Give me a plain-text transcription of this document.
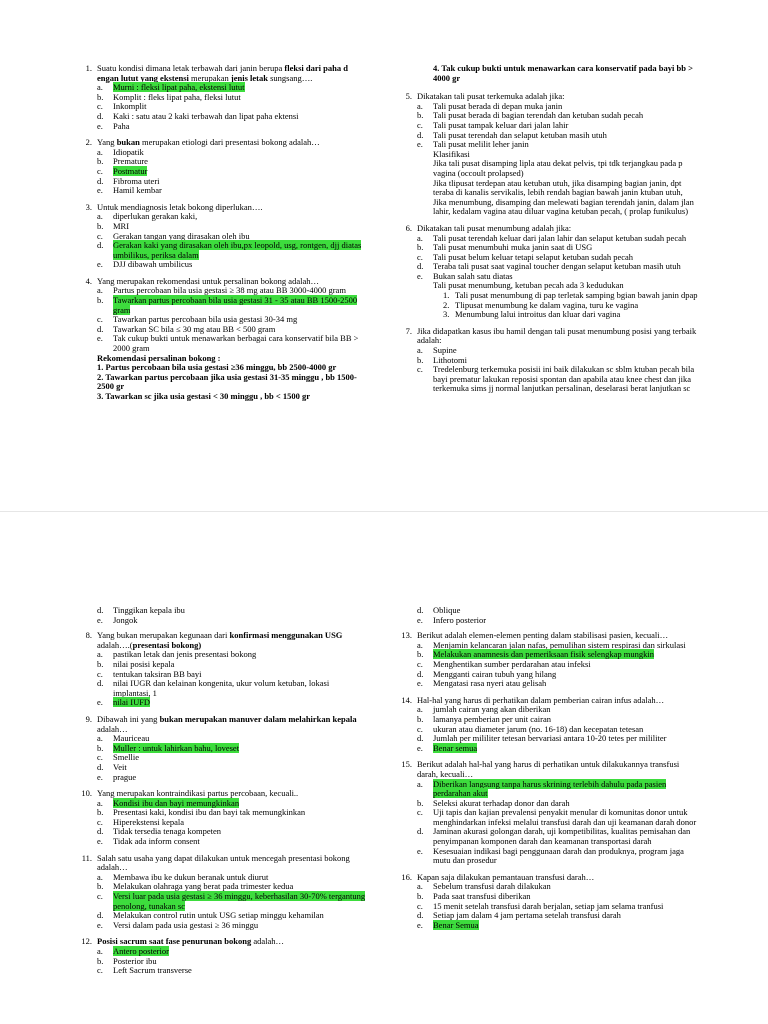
1. Suatu kondisi dimana letak terbawah dari janin berupa fleksi dari paha d engan lutut yang ekstensi merupakan jenis letak sungsang….
a.	Murni : fleksi lipat paha, ekstensi lutut
b.	Komplit : fleks lipat paha, fleksi lutut
c.	Inkomplit
d.	Kaki : satu atau 2 kaki terbawah dan lipat paha ektensi
e.	Paha
2. Yang bukan merupakan etiologi dari presentasi bokong adalah…
a.	Idiopatik
b.	Premature
c.	Postmatur
d.	Fibroma uteri
e.	Hamil kembar
3. Untuk mendiagnosis letak bokong diperlukan….
a.	diperlukan gerakan kaki,
b.	MRI
c.	Gerakan tangan yang dirasakan oleh ibu
d.	Gerakan kaki yang dirasakan oleh ibu,px leopold, usg, rontgen, djj diatas umbilikus, periksa dalam
e.	DJJ dibawah umbilicus
4. Yang merupakan rekomendasi untuk persalinan bokong adalah…
a.	Partus percobaan bila usia gestasi ≥ 38 mg atau BB 3000-4000 gram
b.	Tawarkan partus percobaan bila usia gestasi 31 - 35 atau BB 1500-2500 gram
c.	Tawarkan partus percobaan bila usia gestasi 30-34 mg
d.	Tawarkan SC bila ≤ 30 mg atau BB < 500 gram
e.	Tak cukup bukti untuk menawarkan berbagai cara konservatif bila BB > 2000 gram
Rekomendasi persalinan bokong :
1. Partus percobaan bila usia gestasi ≥36 minggu, bb 2500-4000 gr
2. Tawarkan partus percobaan jika usia gestasi 31-35 minggu , bb 1500-2500 gr
3. Tawarkan sc jika usia gestasi < 30 minggu , bb < 1500 gr
4. Tak cukup bukti untuk menawarkan cara konservatif pada bayi bb > 4000 gr
5. Dikatakan tali pusat terkemuka adalah jika:
a.	Tali pusat berada di depan muka janin
b.	Tali pusat berada di bagian terendah dan ketuban sudah pecah
c.	Tali pusat tampak keluar dari jalan lahir
d.	Tali pusat terendah dan selaput ketuban masih utuh
e.	Tali pusat melilit leher janin
Klasifikasi
Jika tali pusat disamping lipla atau dekat pelvis, tpi tdk terjangkau pada p vagina (occoult prolapsed)
Jika tlipusat terdepan atau ketuban utuh, jika disamping bagian janin, dpt teraba di kanalis servikalis, lebih rendah bagian bawah janin ktuban utuh,
Jika menumbung, disamping dan melewati bagian terendah janin, dalam jlan lahir, kedalam vagina atau diluar vagina ketuban pecah, ( prolap funikulus)
6. Dikatakan tali pusat menumbung adalah jika:
a.	Tali pusat terendah keluar dari jalan lahir dan selaput ketuban sudah pecah
b.	Tali pusat menumbuhi muka janin saat di USG
c.	Tali pusat belum keluar tetapi selaput ketuban sudah pecah
d.	Teraba tali pusat saat vaginal toucher dengan selaput ketuban masih utuh
e.	Bukan salah satu diatas
Tali pusat menumbung, ketuban pecah ada 3 kedudukan
1. Tali pusat menumbung di pap terletak samping bgian bawah janin dpap
2. Tlipusat menumbung ke dalam vagina, turu ke vagina
3. Menumbung lalui introitus dan kluar dari vagina
7. Jika didapatkan kasus ibu hamil dengan tali pusat menumbung posisi yang terbaik adalah:
a.	Supine
b.	Lithotomi
c.	Tredelenburg terkemuka posisii ini baik dilakukan sc sblm ktuban pecah bila bayi prematur lakukan reposisi spontan dan apabila atau knee chest dan jika terkemuka sims jj normal lanjutkan persalinan, deselarasi berat lanjutkan sc
d.	Tinggikan kepala ibu
e.	Jongok
8. Yang bukan merupakan kegunaan dari konfirmasi menggunakan USG adalah….(presentasi bokong)
a.	pastikan letak dan jenis presentasi bokong
b.	nilai posisi kepala
c.	tentukan taksiran BB bayi
d.	nilai IUGR dan kelainan kongenita, ukur volum ketuban, lokasi implantasi, 1
e.	nilai IUFD
9. Dibawah ini yang bukan merupakan manuver dalam melahirkan kepala adalah…
a.	Mauriceau
b.	Muller : untuk lahirkan bahu, loveset
c.	Smellie
d.	Veit
e.	prague
10. Yang merupakan kontraindikasi partus percobaan, kecuali..
a.	Kondisi ibu dan bayi memungkinkan
b.	Presentasi kaki, kondisi ibu dan bayi tak memungkinkan
c.	Hiperekstensi kepala
d.	Tidak tersedia tenaga kompeten
e.	Tidak ada inform consent
11. Salah satu usaha yang dapat dilakukan untuk mencegah presentasi bokong adalah…
a.	Membawa ibu ke dukun beranak untuk diurut
b.	Melakukan olahraga yang berat pada trimester kedua
c.	Versi luar pada usia gestasi ≥ 36 minggu, keberhasilan 30-70% tergantung penolong, tunakan sc
d.	Melakukan control rutin untuk USG setiap minggu kehamilan
e.	Versi dalam pada usia gestasi ≥ 36 minggu
12. Posisi sacrum saat fase penurunan bokong adalah…
a.	Antero posterior
b.	Posterior ibu
c.	Left Sacrum transverse
d.	Oblique
e.	Infero posterior
13. Berikut adalah elemen-elemen penting dalam stabilisasi pasien, kecuali…
a.	Menjamin kelancaran jalan nafas, pemulihan sistem respirasi dan sirkulasi
b.	Melakukan anamnesis dan pemeriksaan fisik selengkap mungkin
c.	Menghentikan sumber perdarahan atau infeksi
d.	Mengganti cairan tubuh yang hilang
e.	Mengatasi rasa nyeri atau gelisah
14. Hal-hal yang harus di perhatikan dalam pemberian cairan infus adalah…
a.	jumlah cairan yang akan diberikan
b.	lamanya pemberian per unit cairan
c.	ukuran atau diameter jarum (no. 16-18) dan kecepatan tetesan
d.	Jumlah per mililiter tetesan bervariasi antara 10-20 tetes per mililiter
e.	Benar semua
15. Berikut adalah hal-hal yang harus di perhatikan untuk dilakukannya transfusi darah, kecuali…
a.	Diberikan langsung tanpa harus skrining terlebih dahulu pada pasien perdarahan akut
b.	Seleksi akurat terhadap donor dan darah
c.	Uji tapis dan kajian prevalensi penyakit menular di komunitas donor untuk menghindarkan infeksi melalui transfusi darah dan uji keamanan darah donor
d.	Jaminan akurasi golongan darah, uji kompetibilitas, kualitas pemisahan dan penyimpanan komponen darah dan keamanan transportasi darah
e.	Kesesuaian indikasi bagi penggunaan darah dan produknya, program jaga mutu dan prosedur
16. Kapan saja dilakukan pemantauan transfusi darah…
a.	Sebelum transfusi darah dilakukan
b.	Pada saat transfusi diberikan
c.	15 menit setelah transfusi darah berjalan, setiap jam selama tranfusi
d.	Setiap jam dalam 4 jam pertama setelah transfusi darah
e.	Benar Semua
